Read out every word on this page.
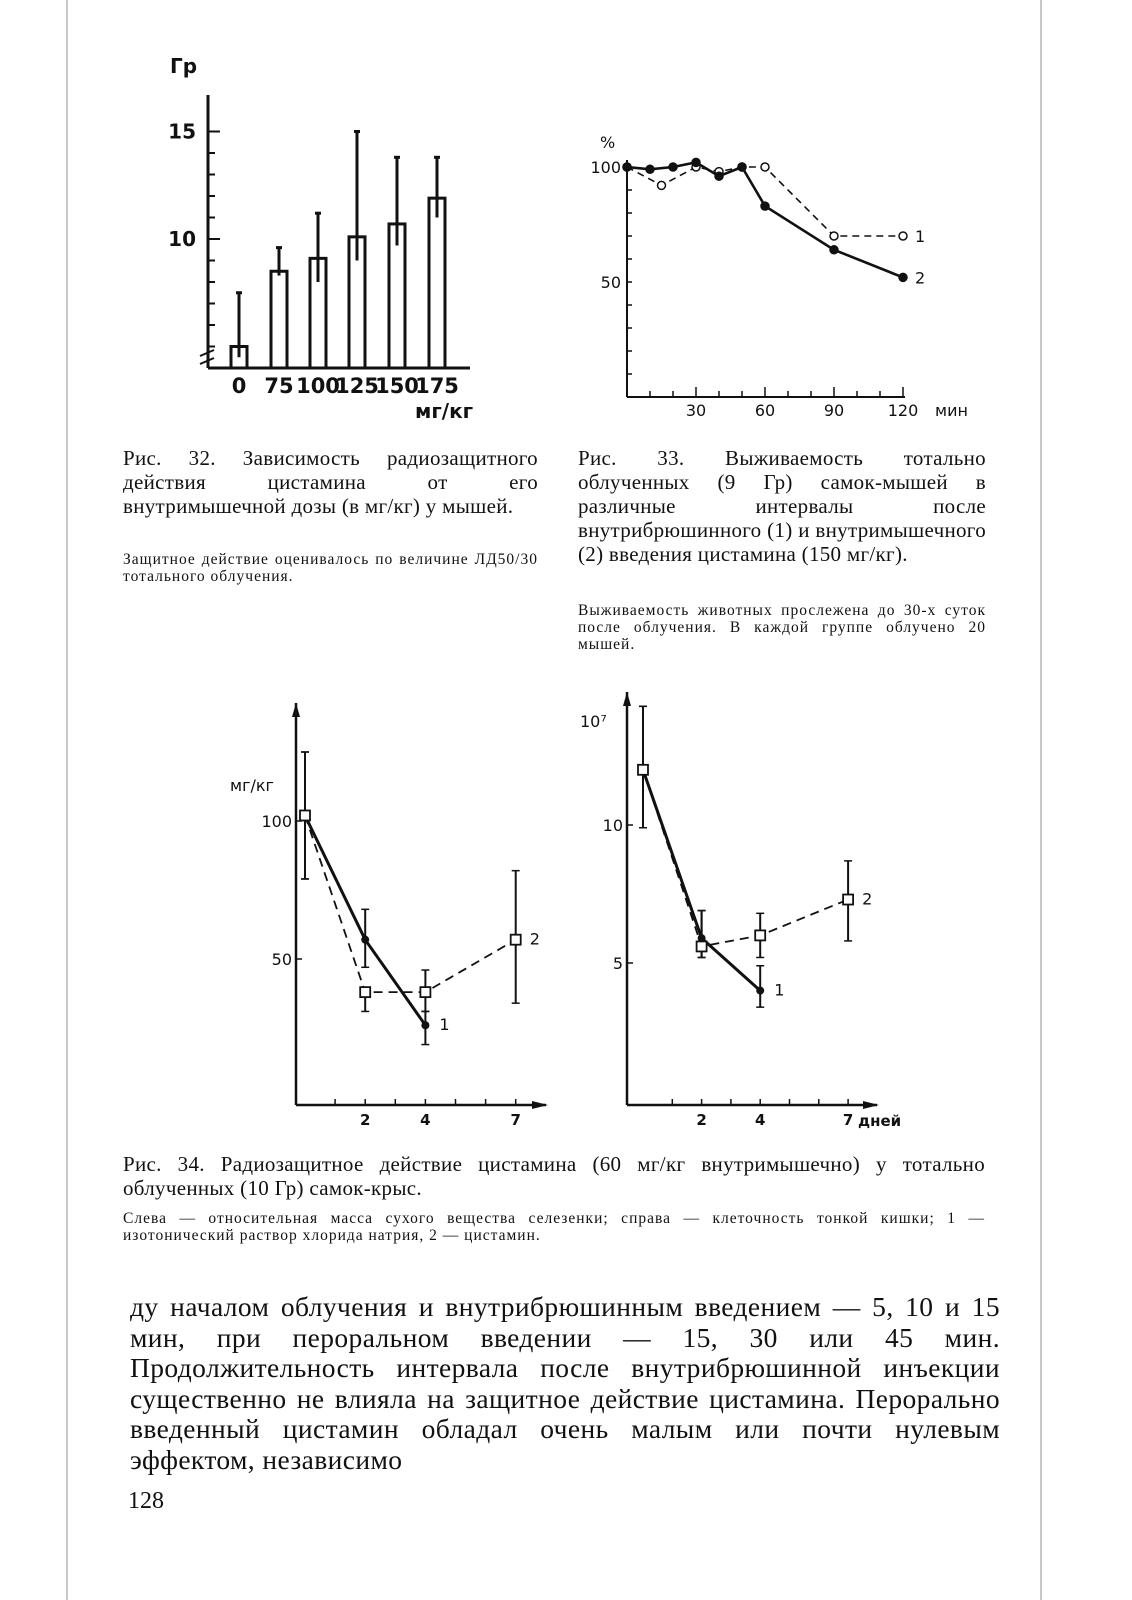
Гр
мг/кг
10
15
0 75 100
125
150
175
%
мин
50
100
30	60	90	120
1
2
Рис. 32. Зависимость радиозащитного действия цистамина от его внутримышечной дозы (в мг/кг) у мышей.
Защитное действие оценивалось по величине ЛД50/30 тотального облучения.
Рис. 33. Выживаемость тотально облученных (9 Гр) самок-мышей в различные интервалы после внутрибрюшинного (1) и внутримышечного (2) введения цистамина (150 мг/кг).
Выживаемость животных прослежена до 30-х суток после облучения. В каждой группе облучено 20 мышей.
мг/кг
10⁷
дней
50
100
2	4	7
1
2
5
10
2	4	7
1
2
Рис. 34. Радиозащитное действие цистамина (60 мг/кг внутримышечно) у тотально облученных (10 Гр) самок-крыс.
Слева — относительная масса сухого вещества селезенки; справа — клеточность тонкой кишки; 1 — изотонический раствор хлорида натрия, 2 — цистамин.
ду началом облучения и внутрибрюшинным введением — 5, 10 и 15 мин, при пероральном введении — 15, 30 или 45 мин. Продолжительность интервала после внутрибрюшинной инъекции существенно не влияла на защитное действие цистамина. Перорально введенный цистамин обладал очень малым или почти нулевым эффектом, независимо
128
